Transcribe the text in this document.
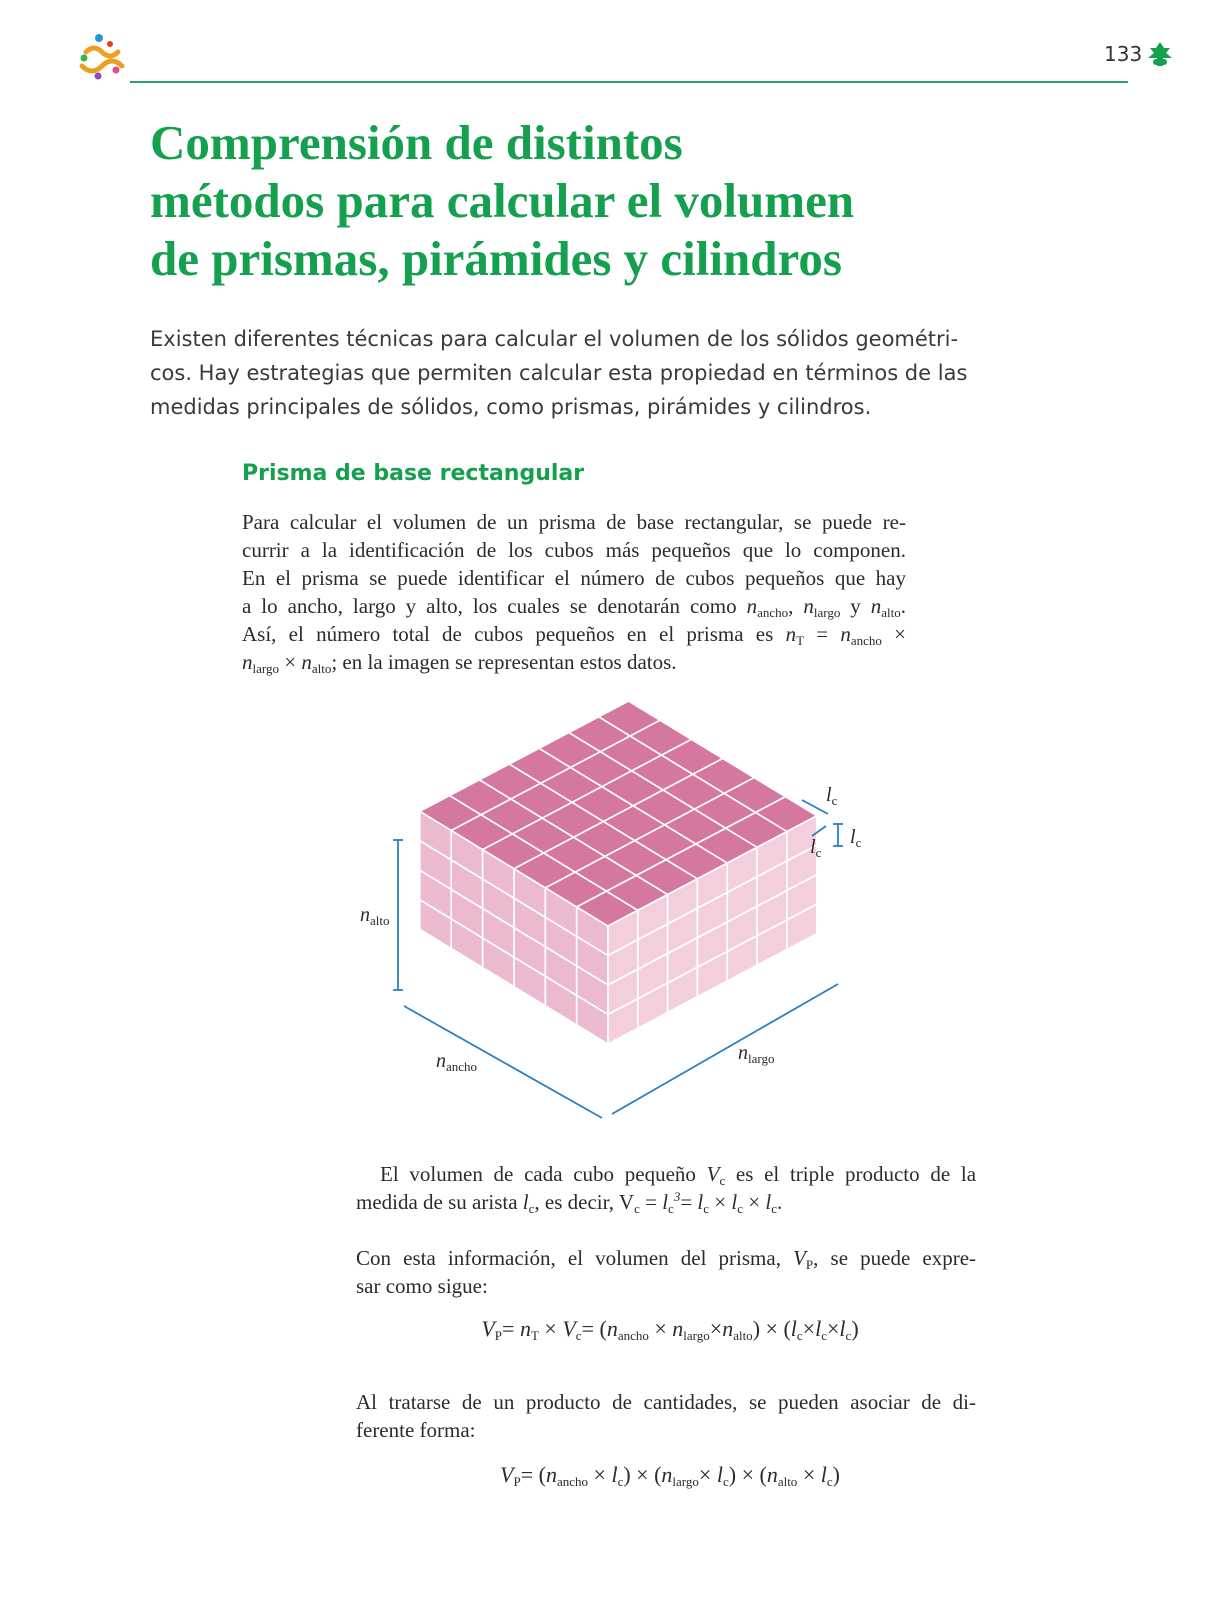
133
Comprensión de distintos
métodos para calcular el volumen
de prismas, pirámides y cilindros
Existen diferentes técnicas para calcular el volumen de los sólidos geométri-
cos. Hay estrategias que permiten calcular esta propiedad en términos de las
medidas principales de sólidos, como prismas, pirámides y cilindros.
Prisma de base rectangular
Para calcular el volumen de un prisma de base rectangular, se puede re-
currir a la identificación de los cubos más pequeños que lo componen.
En el prisma se puede identificar el número de cubos pequeños que hay
a lo ancho, largo y alto, los cuales se denotarán como $n_{ancho}$, $n_{largo}$ y $n_{alto}$.
Así, el número total de cubos pequeños en el prisma es $n_T = n_{ancho}$ ×
$n_{largo} \times n_{alto}$; en la imagen se representan estos datos.
$n_{alto}$
$n_{ancho}$
$n_{largo}$
$l_c$
$l_c$
$l_c$
El volumen de cada cubo pequeño $V_c$ es el triple producto de la
medida de su arista $l_c$, es decir, $V_c = l_c^3= l_c \times l_c \times l_c$.
Con esta información, el volumen del prisma, $V_P$, se puede expre-
sar como sigue:
$V_P= n_T \times V_c= (n_{ancho} \times n_{largo}\times n_{alto}) \times (l_c\times l_c\times l_c)$
Al tratarse de un producto de cantidades, se pueden asociar de di-
ferente forma:
$V_P= (n_{ancho} \times l_c) \times (n_{largo}\times l_c) \times (n_{alto} \times l_c)$
